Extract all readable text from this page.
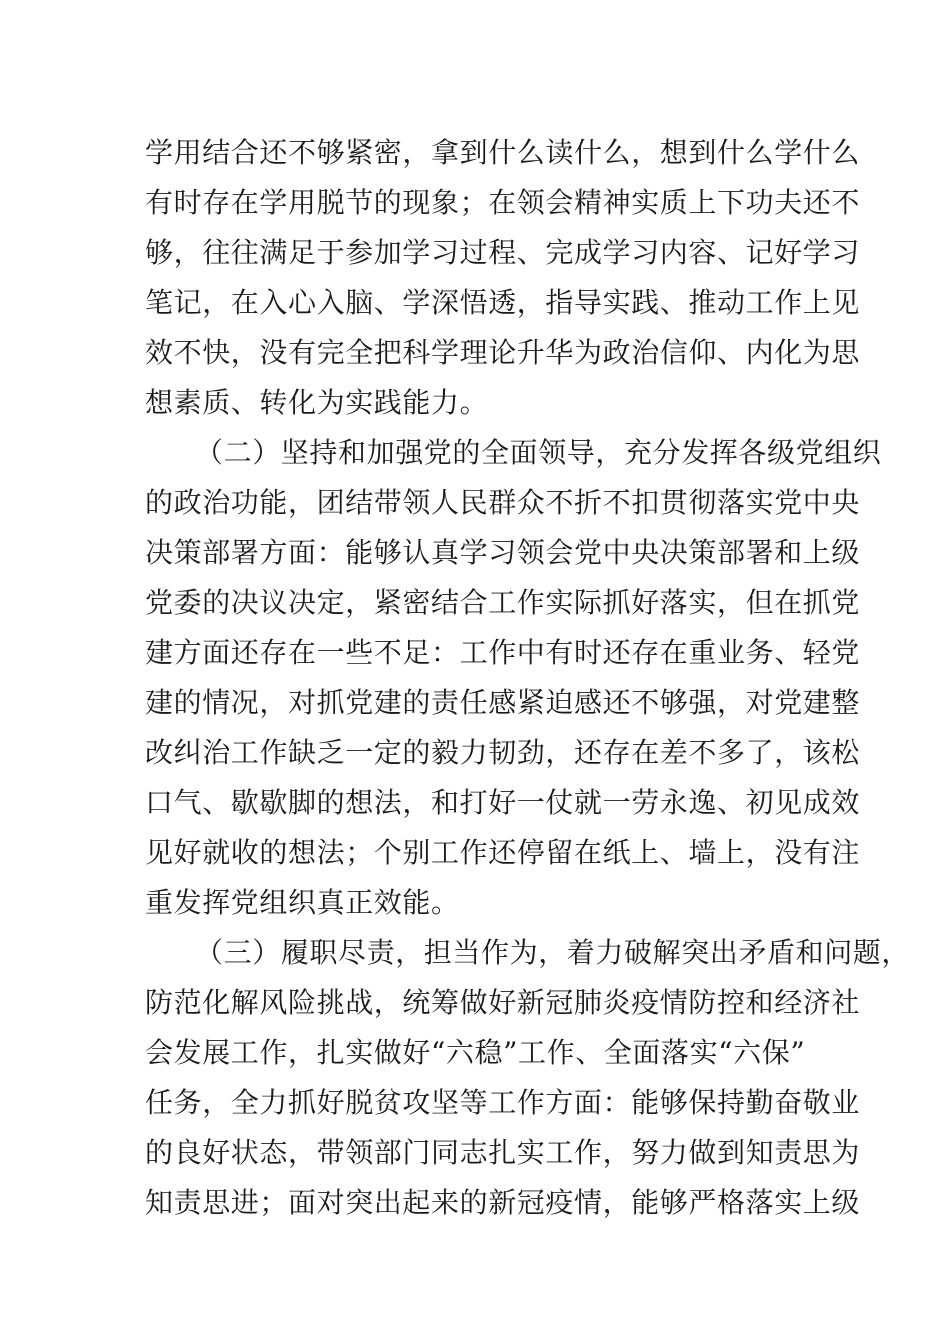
学用结合还不够紧密，拿到什么读什么，想到什么学什么
有时存在学用脱节的现象；在领会精神实质上下功夫还不
够，往往满足于参加学习过程、完成学习内容、记好学习
笔记，在入心入脑、学深悟透，指导实践、推动工作上见
效不快，没有完全把科学理论升华为政治信仰、内化为思
想素质、转化为实践能力。
（二）坚持和加强党的全面领导，充分发挥各级党组织
的政治功能，团结带领人民群众不折不扣贯彻落实党中央
决策部署方面：能够认真学习领会党中央决策部署和上级
党委的决议决定，紧密结合工作实际抓好落实，但在抓党
建方面还存在一些不足：工作中有时还存在重业务、轻党
建的情况，对抓党建的责任感紧迫感还不够强，对党建整
改纠治工作缺乏一定的毅力韧劲，还存在差不多了，该松
口气、歇歇脚的想法，和打好一仗就一劳永逸、初见成效
见好就收的想法；个别工作还停留在纸上、墙上，没有注
重发挥党组织真正效能。
（三）履职尽责，担当作为，着力破解突出矛盾和问题，
防范化解风险挑战，统筹做好新冠肺炎疫情防控和经济社
会发展工作，扎实做好“六稳”工作、全面落实“六保”
任务，全力抓好脱贫攻坚等工作方面：能够保持勤奋敬业
的良好状态，带领部门同志扎实工作，努力做到知责思为
知责思进；面对突出起来的新冠疫情，能够严格落实上级
